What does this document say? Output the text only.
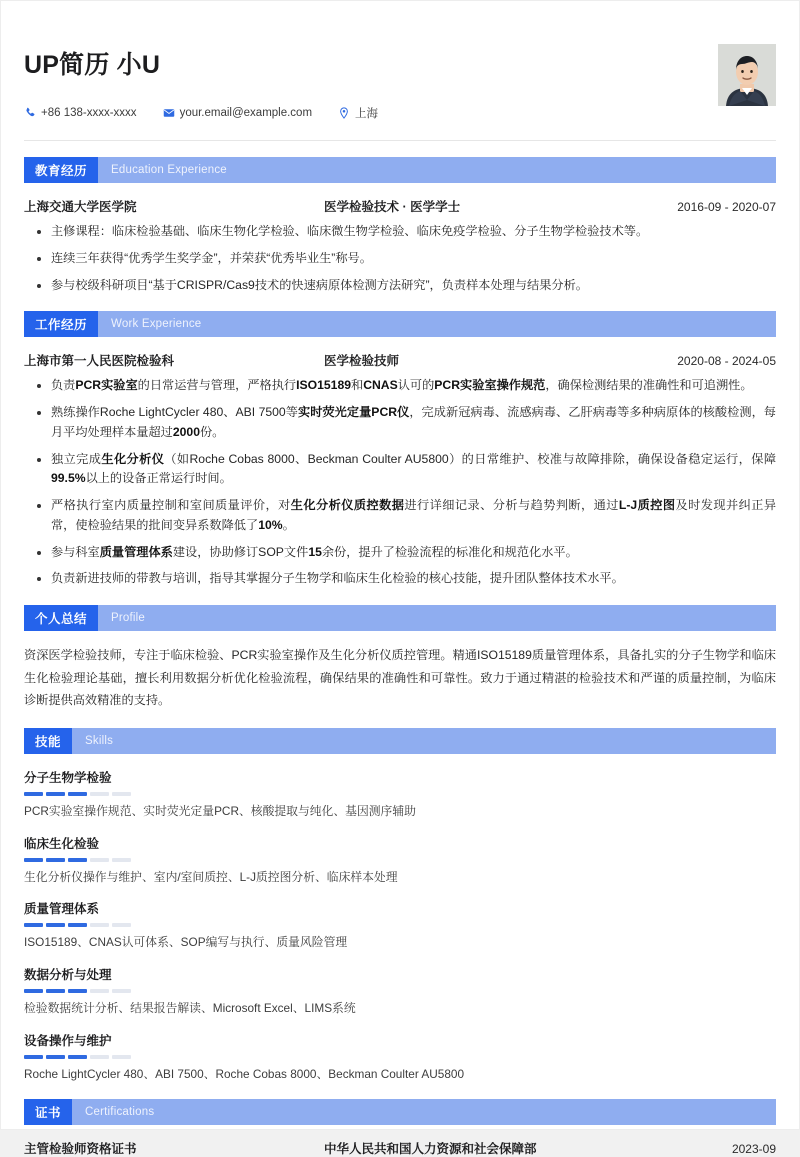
UP简历 小U
+86 138-xxxx-xxxx	your.email@example.com	上海
教育经历	Education Experience
上海交通大学医学院	医学检验技术 · 医学学士	2016-09 - 2020-07
主修课程：临床检验基础、临床生物化学检验、临床微生物学检验、临床免疫学检验、分子生物学检验技术等。
连续三年获得“优秀学生奖学金”，并荣获“优秀毕业生”称号。
参与校级科研项目“基于CRISPR/Cas9技术的快速病原体检测方法研究”，负责样本处理与结果分析。
工作经历	Work Experience
上海市第一人民医院检验科	医学检验技师	2020-08 - 2024-05
负责PCR实验室的日常运营与管理，严格执行ISO15189和CNAS认可的PCR实验室操作规范，确保检测结果的准确性和可追溯性。
熟练操作Roche LightCycler 480、ABI 7500等实时荧光定量PCR仪，完成新冠病毒、流感病毒、乙肝病毒等多种病原体的核酸检测，每月平均处理样本量超过2000份。
独立完成生化分析仪（如Roche Cobas 8000、Beckman Coulter AU5800）的日常维护、校准与故障排除，确保设备稳定运行，保障99.5%以上的设备正常运行时间。
严格执行室内质量控制和室间质量评价，对生化分析仪质控数据进行详细记录、分析与趋势判断，通过L-J质控图及时发现并纠正异常，使检验结果的批间变异系数降低了10%。
参与科室质量管理体系建设，协助修订SOP文件15余份，提升了检验流程的标准化和规范化水平。
负责新进技师的带教与培训，指导其掌握分子生物学和临床生化检验的核心技能，提升团队整体技术水平。
个人总结	Profile
资深医学检验技师，专注于临床检验、PCR实验室操作及生化分析仪质控管理。精通ISO15189质量管理体系，具备扎实的分子生物学和临床生化检验理论基础，擅长利用数据分析优化检验流程，确保结果的准确性和可靠性。致力于通过精湛的检验技术和严谨的质量控制，为临床诊断提供高效精准的支持。
技能	Skills
分子生物学检验
PCR实验室操作规范、实时荧光定量PCR、核酸提取与纯化、基因测序辅助
临床生化检验
生化分析仪操作与维护、室内/室间质控、L-J质控图分析、临床样本处理
质量管理体系
ISO15189、CNAS认可体系、SOP编写与执行、质量风险管理
数据分析与处理
检验数据统计分析、结果报告解读、Microsoft Excel、LIMS系统
设备操作与维护
Roche LightCycler 480、ABI 7500、Roche Cobas 8000、Beckman Coulter AU5800
证书	Certifications
主管检验师资格证书	中华人民共和国人力资源和社会保障部	2023-09
